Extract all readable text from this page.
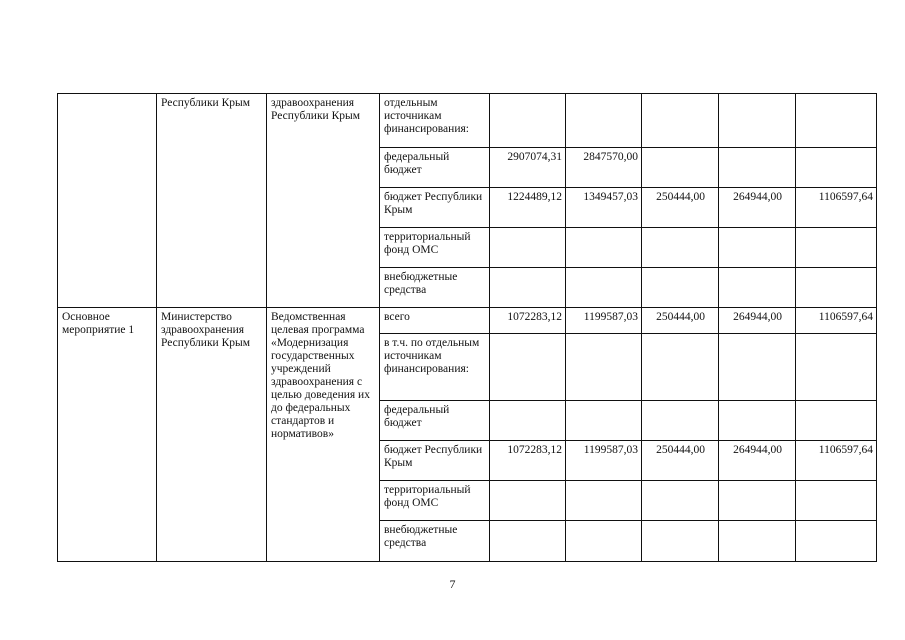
	Республики Крым	здравоохранения Республики Крым	отдельным источникам финансирования:					
			федеральный бюджет	2907074,31	2847570,00			
			бюджет Республики Крым	1224489,12	1349457,03	250444,00	264944,00	1106597,64
			территориальный фонд ОМС					
			внебюджетные средства					
Основное мероприятие 1	Министерство здравоохранения Республики Крым	Ведомственная целевая программа «Модернизация государственных учреждений здравоохранения с целью доведения их до федеральных стандартов и нормативов»	всего	1072283,12	1199587,03	250444,00	264944,00	1106597,64
			в т.ч. по отдельным источникам финансирования:					
			федеральный бюджет					
			бюджет Республики Крым	1072283,12	1199587,03	250444,00	264944,00	1106597,64
			территориальный фонд ОМС					
			внебюджетные средства					
7
